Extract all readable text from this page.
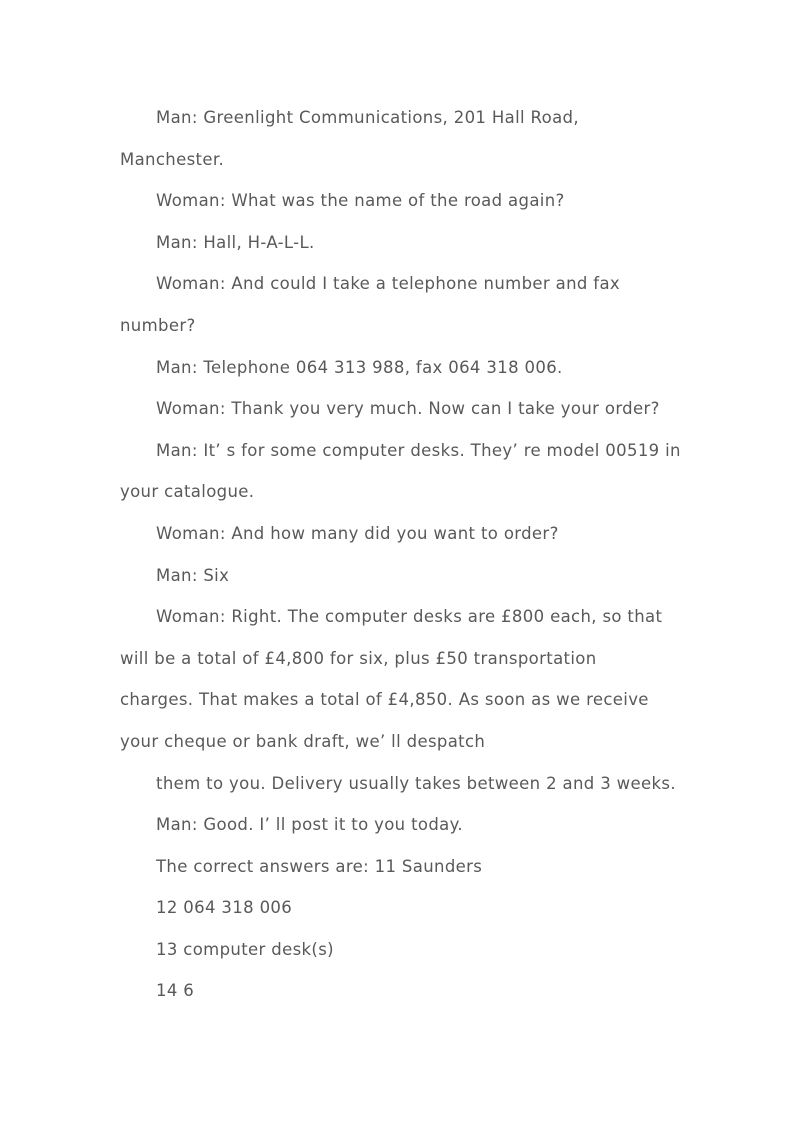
Man: Greenlight Communications, 201 Hall Road,
Manchester.
Woman: What was the name of the road again?
Man: Hall, H-A-L-L.
Woman: And could I take a telephone number and fax
number?
Man: Telephone 064 313 988, fax 064 318 006.
Woman: Thank you very much. Now can I take your order?
Man: It’ s for some computer desks. They’ re model 00519 in
your catalogue.
Woman: And how many did you want to order?
Man: Six
Woman: Right. The computer desks are £800 each, so that
will be a total of £4,800 for six, plus £50 transportation
charges. That makes a total of £4,850. As soon as we receive
your cheque or bank draft, we’ ll despatch
them to you. Delivery usually takes between 2 and 3 weeks.
Man: Good. I’ ll post it to you today.
The correct answers are: 11 Saunders
12 064 318 006
13 computer desk(s)
14 6
